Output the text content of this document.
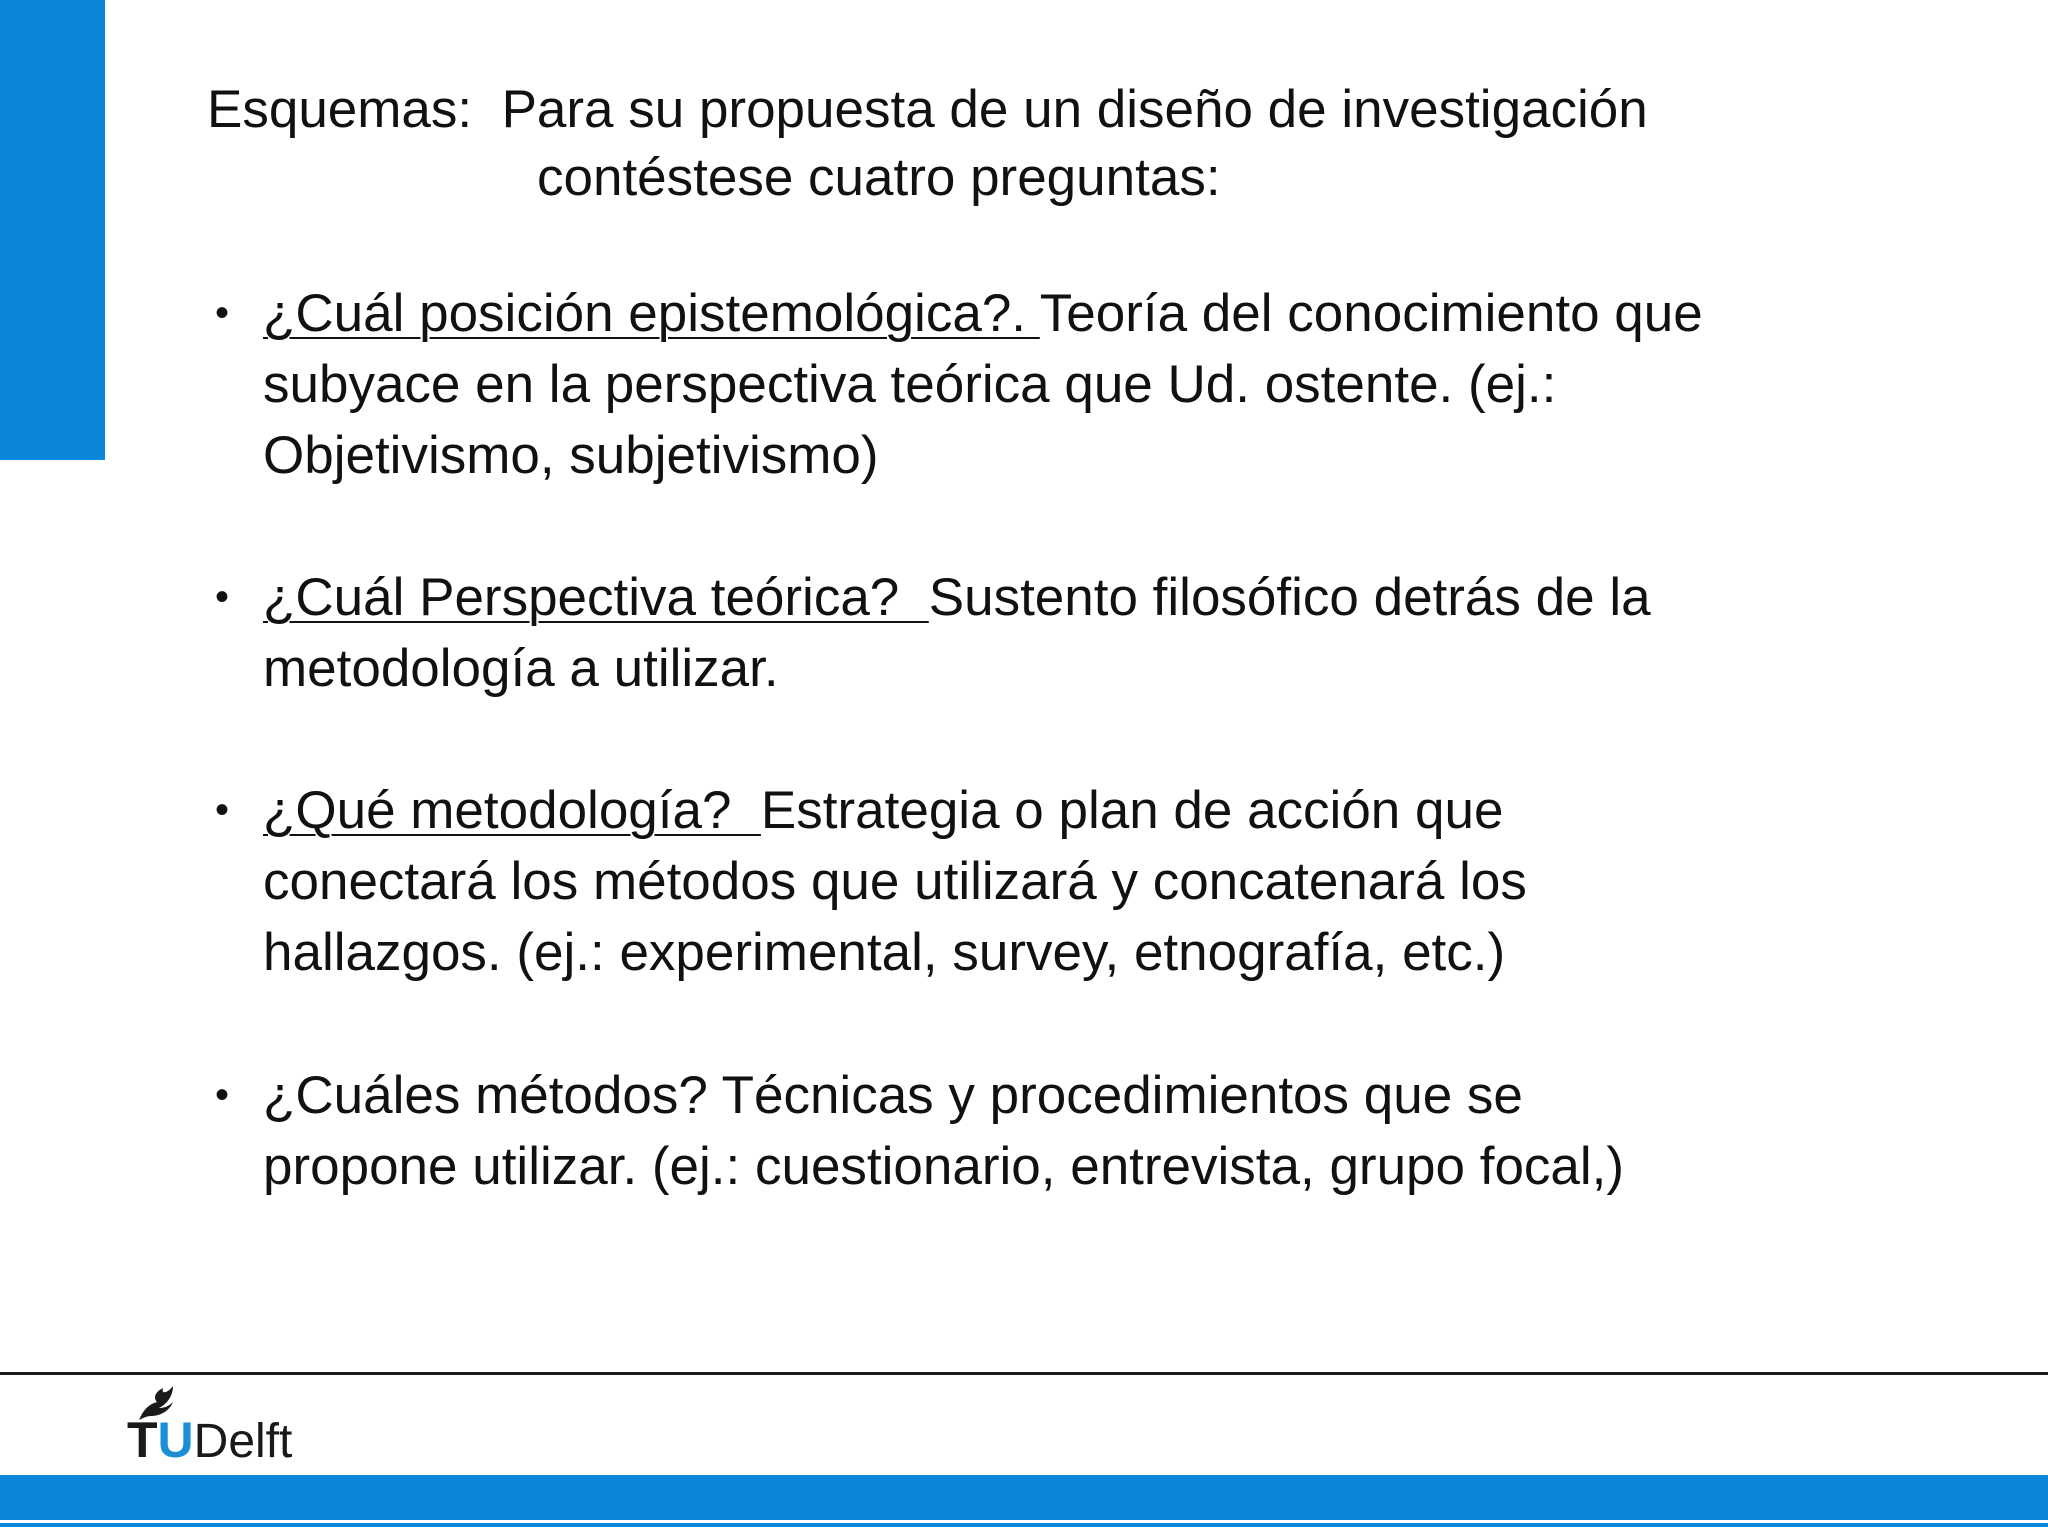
Esquemas:  Para su propuesta de un diseño de investigación
contéstese cuatro preguntas:
• ¿Cuál posición epistemológica?. Teoría del conocimiento que
subyace en la perspectiva teórica que Ud. ostente. (ej.:
Objetivismo, subjetivismo)
• ¿Cuál Perspectiva teórica?  Sustento filosófico detrás de la
metodología a utilizar.
• ¿Qué metodología?  Estrategia o plan de acción que
conectará los métodos que utilizará y concatenará los
hallazgos. (ej.: experimental, survey, etnografía, etc.)
• ¿Cuáles métodos? Técnicas y procedimientos que se
propone utilizar. (ej.: cuestionario, entrevista, grupo focal,)
TUDelft
